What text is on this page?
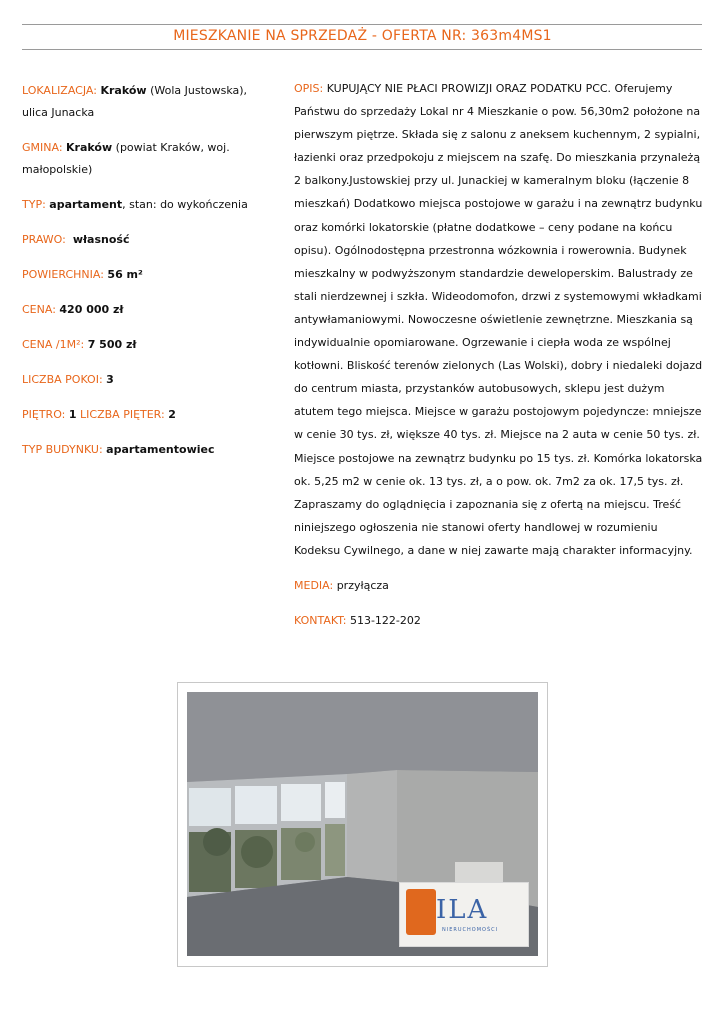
MIESZKANIE NA SPRZEDAŻ - OFERTA NR: 363m4MS1
LOKALIZACJA: Kraków (Wola Justowska),
ulica Junacka
GMINA: Kraków (powiat Kraków, woj. małopolskie)
TYP: apartament, stan: do wykończenia
PRAWO: własność
POWIERCHNIA: 56 m²
CENA: 420 000 zł
CENA /1M²: 7 500 zł
LICZBA POKOI: 3
PIĘTRO: 1 LICZBA PIĘTER: 2
TYP BUDYNKU: apartamentowiec

OPIS: KUPUJĄCY NIE PŁACI PROWIZJI ORAZ PODATKU PCC. Oferujemy Państwu do sprzedaży Lokal nr 4 Mieszkanie o pow. 56,30m2 położone na pierwszym piętrze. Składa się z salonu z aneksem kuchennym, 2 sypialni, łazienki oraz przedpokoju z miejscem na szafę. Do mieszkania przynależą 2 balkony.Justowskiej przy ul. Junackiej w kameralnym bloku (łączenie 8 mieszkań) Dodatkowo miejsca postojowe w garażu i na zewnątrz budynku oraz komórki lokatorskie (płatne dodatkowe – ceny podane na końcu opisu). Ogólnodostępna przestronna wózkownia i rowerownia. Budynek mieszkalny w podwyższonym standardzie deweloperskim. Balustrady ze stali nierdzewnej i szkła. Wideodomofon, drzwi z systemowymi wkładkami antywłamaniowymi. Nowoczesne oświetlenie zewnętrzne. Mieszkania są indywidualnie opomiarowane. Ogrzewanie i ciepła woda ze wspólnej kotłowni. Bliskość terenów zielonych (Las Wolski), dobry i niedaleki dojazd do centrum miasta, przystanków autobusowych, sklepu jest dużym atutem tego miejsca. Miejsce w garażu postojowym pojedyncze: mniejsze w cenie 30 tys. zł, większe 40 tys. zł. Miejsce na 2 auta w cenie 50 tys. zł. Miejsce postojowe na zewnątrz budynku po 15 tys. zł. Komórka lokatorska ok. 5,25 m2 w cenie ok. 13 tys. zł, a o pow. ok. 7m2 za ok. 17,5 tys. zł. Zapraszamy do oglądnięcia i zapoznania się z ofertą na miejscu. Treść niniejszego ogłoszenia nie stanowi oferty handlowej w rozumieniu Kodeksu Cywilnego, a dane w niej zawarte mają charakter informacyjny.

MEDIA: przyłącza

KONTAKT: 513-122-202

ILA
NIERUCHOMOŚCI
